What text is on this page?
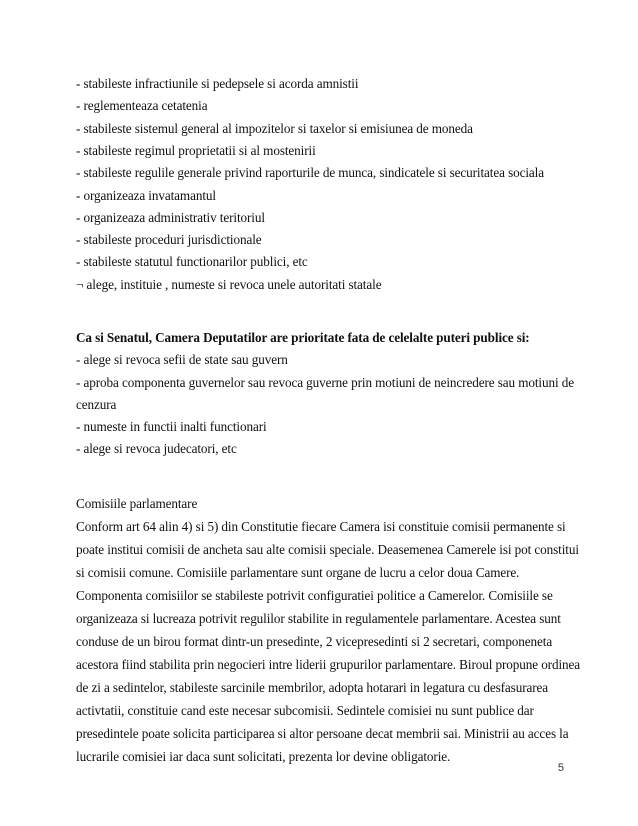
- stabileste infractiunile si pedepsele si acorda amnistii
- reglementeaza cetatenia
- stabileste sistemul general al impozitelor si taxelor si emisiunea de moneda
- stabileste regimul proprietatii si al mostenirii
- stabileste regulile generale privind raporturile de munca, sindicatele si securitatea sociala
- organizeaza invatamantul
- organizeaza administrativ teritoriul
- stabileste proceduri jurisdictionale
- stabileste statutul functionarilor publici, etc
¬ alege, instituie , numeste si revoca unele autoritati statale
Ca si Senatul, Camera Deputatilor are prioritate fata de celelalte puteri publice si:
- alege si revoca sefii de state sau guvern
- aproba componenta guvernelor sau revoca guverne prin motiuni de neincredere sau motiuni de
cenzura
- numeste in functii inalti functionari
- alege si revoca judecatori, etc
Comisiile parlamentare
Conform art 64 alin 4) si 5) din Constitutie fiecare Camera isi constituie comisii permanente si
poate institui comisii de ancheta sau alte comisii speciale. Deasemenea Camerele isi pot constitui
si comisii comune. Comisiile parlamentare sunt organe de lucru a celor doua Camere.
Componenta comisiilor se stabileste potrivit configuratiei politice a Camerelor. Comisiile se
organizeaza si lucreaza potrivit regulilor stabilite in regulamentele parlamentare. Acestea sunt
conduse de un birou format dintr-un presedinte, 2 vicepresedinti si 2 secretari, componeneta
acestora fiind stabilita prin negocieri intre liderii grupurilor parlamentare. Biroul propune ordinea
de zi a sedintelor, stabileste sarcinile membrilor, adopta hotarari in legatura cu desfasurarea
activtatii, constituie cand este necesar subcomisii. Sedintele comisiei nu sunt publice dar
presedintele poate solicita participarea si altor persoane decat membrii sai. Ministrii au acces la
lucrarile comisiei iar daca sunt solicitati, prezenta lor devine obligatorie.
5
